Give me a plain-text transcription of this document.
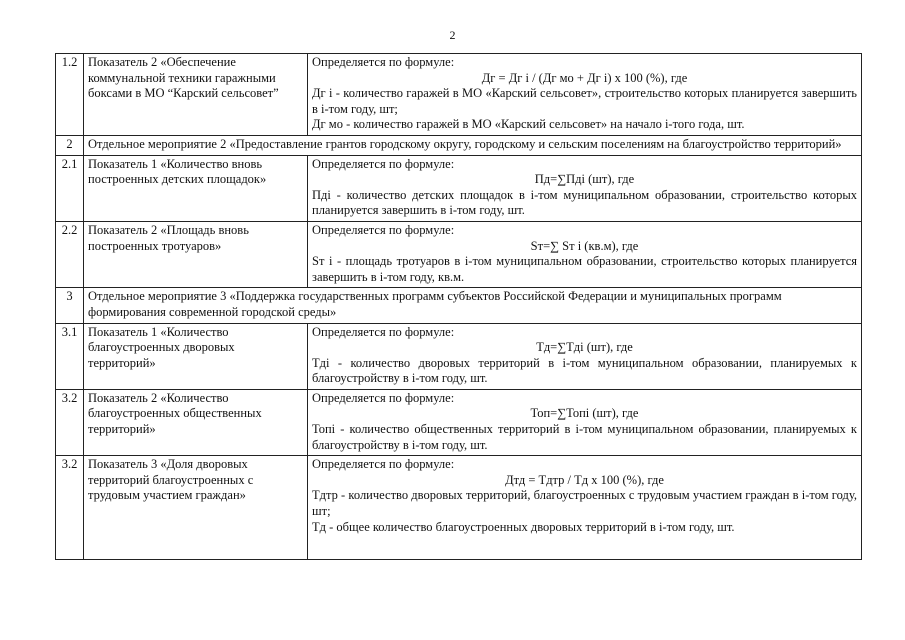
2
1.2	Показатель 2 «Обеспечение коммунальной техники гаражными боксами в МО “Карский сельсовет”	Определяется по формуле:

Дг = Дг i / (Дг мо + Дг i) х 100 (%), где

Дг i - количество гаражей в МО «Карский сельсовет», строительство которых планируется завершить в i-том году, шт;

Дг мо - количество гаражей в МО «Карский сельсовет» на начало i-того года, шт.

2	Отдельное мероприятие 2 «Предоставление грантов городскому округу, городскому и сельским поселениям на благоустройство территорий»	
2.1	Показатель 1 «Количество вновь построенных детских площадок»	Определяется по формуле:

Пд=∑Пдi (шт), где

Пдi - количество детских площадок в i-том муниципальном образовании, строительство которых планируется завершить в i-том году, шт.

2.2	Показатель 2 «Площадь вновь построенных тротуаров»	Определяется по формуле:

Sт=∑ Sт i (кв.м), где

Sт i - площадь тротуаров в i-том муниципальном образовании, строительство которых планируется завершить в i-том году, кв.м.

3	Отдельное мероприятие 3 «Поддержка государственных программ субъектов Российской Федерации и муниципальных программ формирования современной городской среды»	
3.1	Показатель 1 «Количество благоустроенных дворовых территорий»	Определяется по формуле:

Тд=∑Тдi (шт), где

Тдi - количество дворовых территорий в i-том муниципальном образовании, планируемых к благоустройству в i-том году, шт.

3.2	Показатель 2 «Количество благоустроенных общественных территорий»	Определяется по формуле:

Топ=∑Топi (шт), где

Топi - количество общественных территорий в i-том муниципальном образовании, планируемых к благоустройству в i-том году, шт.

3.2	Показатель 3 «Доля дворовых территорий благоустроенных с трудовым участием граждан»	Определяется по формуле:

Дтд = Тдтр / Тд х 100 (%), где

Тдтр - количество дворовых территорий, благоустроенных с трудовым участием граждан в i-том году, шт;

Тд - общее количество благоустроенных дворовых территорий в i-том году, шт.
